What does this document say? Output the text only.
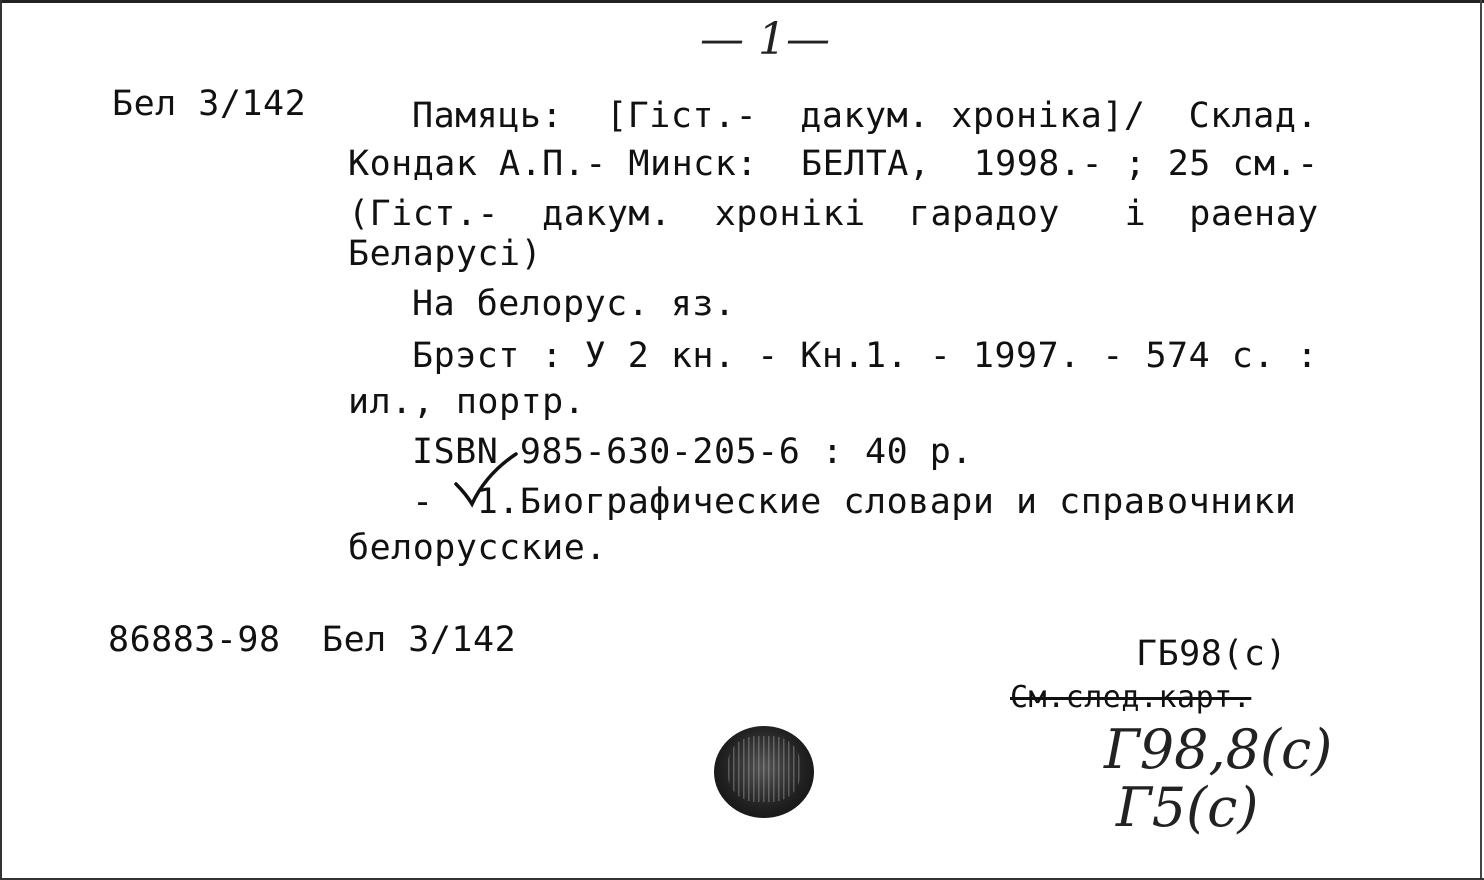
— 1—
Бел 3/142	Памяць:  [Гіст.-  дакум. хроніка]/  Склад.
Кондак А.П.- Минск:  БЕЛТА,  1998.- ; 25 см.-
(Гіст.-  дакум.  хронікі  гарадоу   і  раенау
Беларусі)
На белорус. яз.
Брэст : У 2 кн. - Кн.1. - 1997. - 574 с. :
ил., портр.
ISBN 985-630-205-6 : 40 р.
-  1.Биографические словари и справочники
белорусские.
86883-98 Бел 3/142	ГБ98(с)
См.след.карт.
Г98,8(с)
Г5(с)
